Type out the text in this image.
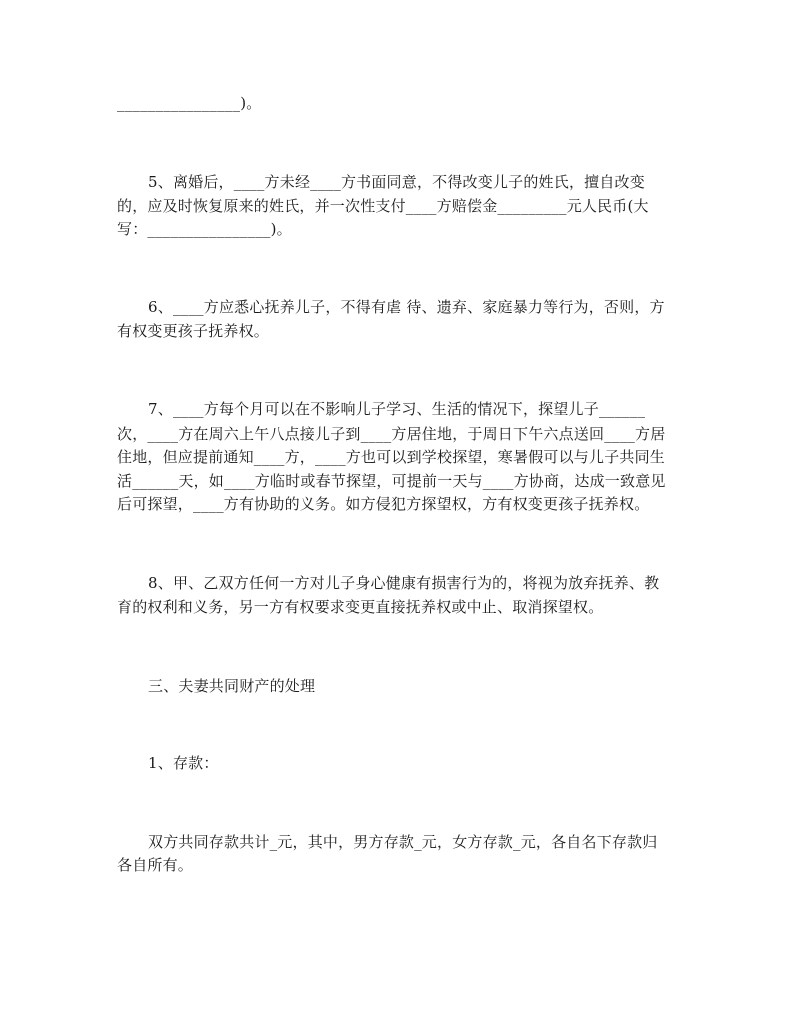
________________)。
5、离婚后，____方未经____方书面同意，不得改变儿子的姓氏，擅自改变
的，应及时恢复原来的姓氏，并一次性支付____方赔偿金_________元人民币(大
写：________________)。
6、____方应悉心抚养儿子，不得有虐 待、遗弃、家庭暴力等行为，否则，方
有权变更孩子抚养权。
7、____方每个月可以在不影响儿子学习、生活的情况下，探望儿子______
次，____方在周六上午八点接儿子到____方居住地，于周日下午六点送回____方居
住地，但应提前通知____方，____方也可以到学校探望，寒暑假可以与儿子共同生
活______天，如____方临时或春节探望，可提前一天与____方协商，达成一致意见
后可探望，____方有协助的义务。如方侵犯方探望权，方有权变更孩子抚养权。
8、甲、乙双方任何一方对儿子身心健康有损害行为的，将视为放弃抚养、教
育的权利和义务，另一方有权要求变更直接抚养权或中止、取消探望权。
三、夫妻共同财产的处理
1、存款：
双方共同存款共计_元，其中，男方存款_元，女方存款_元，各自名下存款归
各自所有。
